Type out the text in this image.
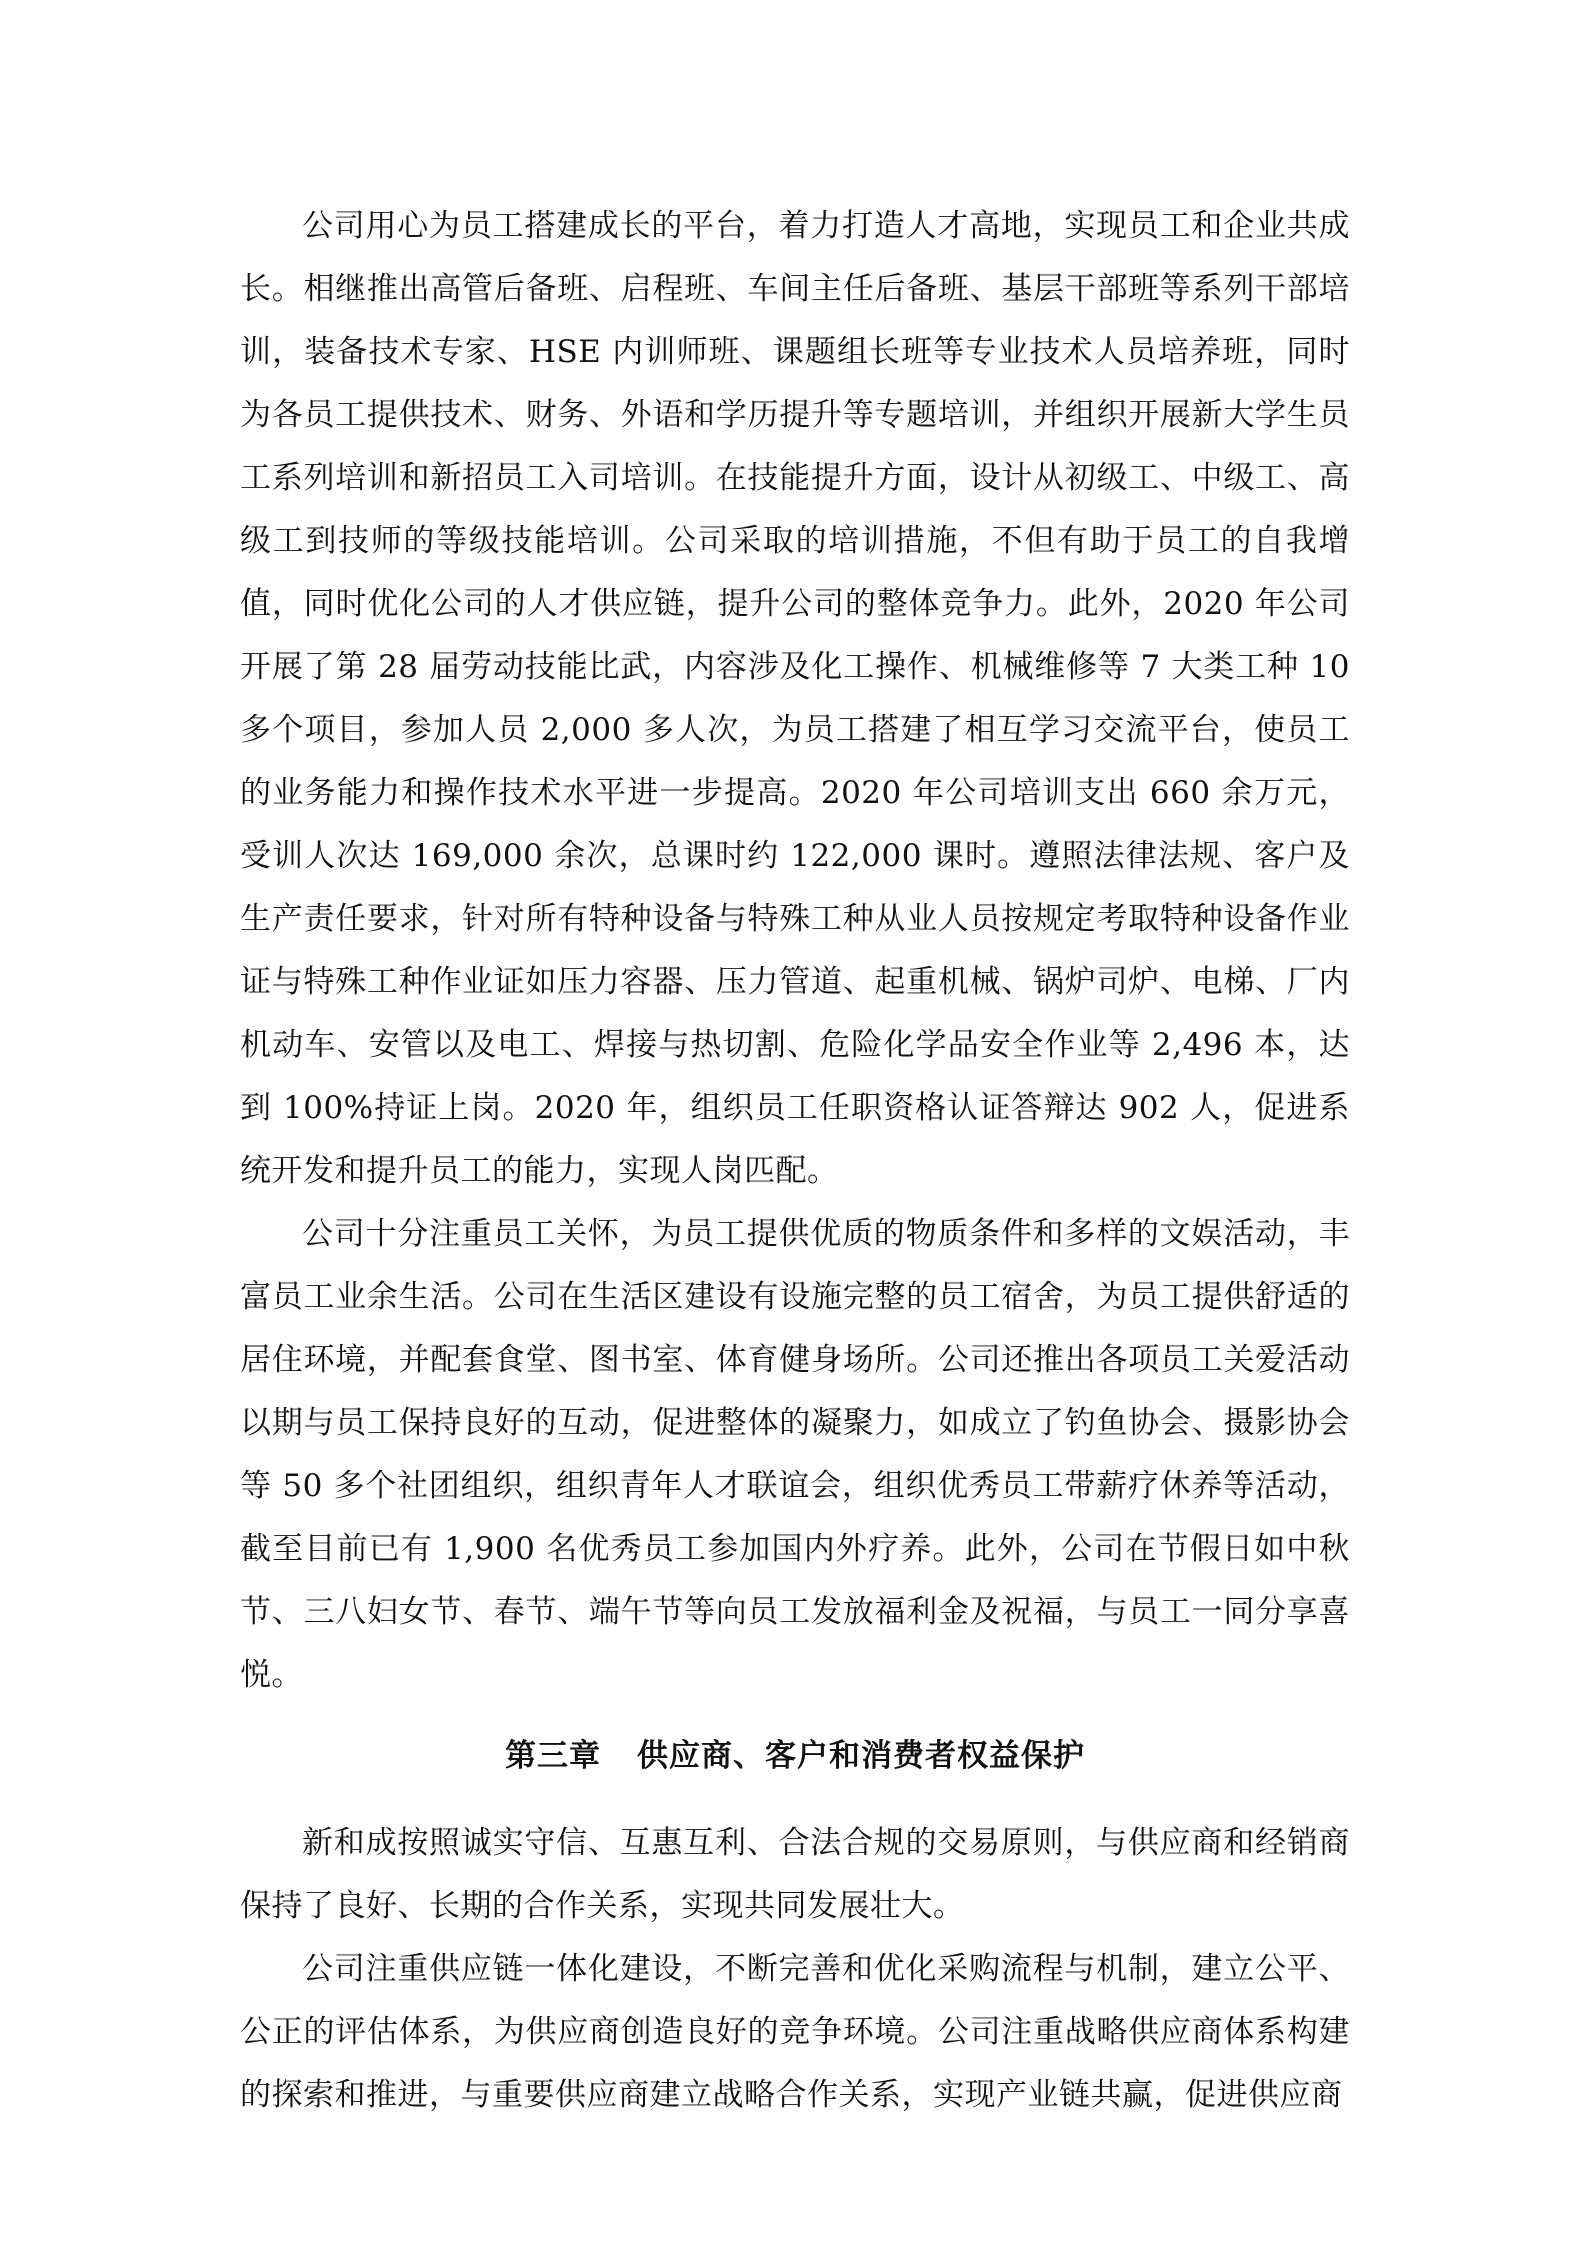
公司用心为员工搭建成长的平台，着力打造人才高地，实现员工和企业共成长。相继推出高管后备班、启程班、车间主任后备班、基层干部班等系列干部培训，装备技术专家、HSE 内训师班、课题组长班等专业技术人员培养班，同时为各员工提供技术、财务、外语和学历提升等专题培训，并组织开展新大学生员工系列培训和新招员工入司培训。在技能提升方面，设计从初级工、中级工、高级工到技师的等级技能培训。公司采取的培训措施，不但有助于员工的自我增值，同时优化公司的人才供应链，提升公司的整体竞争力。此外，2020 年公司开展了第 28 届劳动技能比武，内容涉及化工操作、机械维修等 7 大类工种 10 多个项目，参加人员 2,000 多人次，为员工搭建了相互学习交流平台，使员工的业务能力和操作技术水平进一步提高。2020 年公司培训支出 660 余万元，受训人次达 169,000 余次，总课时约 122,000 课时。遵照法律法规、客户及生产责任要求，针对所有特种设备与特殊工种从业人员按规定考取特种设备作业证与特殊工种作业证如压力容器、压力管道、起重机械、锅炉司炉、电梯、厂内机动车、安管以及电工、焊接与热切割、危险化学品安全作业等 2,496 本，达到 100%持证上岗。2020 年，组织员工任职资格认证答辩达 902 人，促进系统开发和提升员工的能力，实现人岗匹配。

公司十分注重员工关怀，为员工提供优质的物质条件和多样的文娱活动，丰富员工业余生活。公司在生活区建设有设施完整的员工宿舍，为员工提供舒适的居住环境，并配套食堂、图书室、体育健身场所。公司还推出各项员工关爱活动以期与员工保持良好的互动，促进整体的凝聚力，如成立了钓鱼协会、摄影协会等 50 多个社团组织，组织青年人才联谊会，组织优秀员工带薪疗休养等活动，截至目前已有 1,900 名优秀员工参加国内外疗养。此外，公司在节假日如中秋节、三八妇女节、春节、端午节等向员工发放福利金及祝福，与员工一同分享喜悦。

第三章 供应商、客户和消费者权益保护

新和成按照诚实守信、互惠互利、合法合规的交易原则，与供应商和经销商保持了良好、长期的合作关系，实现共同发展壮大。

公司注重供应链一体化建设，不断完善和优化采购流程与机制，建立公平、公正的评估体系，为供应商创造良好的竞争环境。公司注重战略供应商体系构建的探索和推进，与重要供应商建立战略合作关系，实现产业链共赢，促进供应商
